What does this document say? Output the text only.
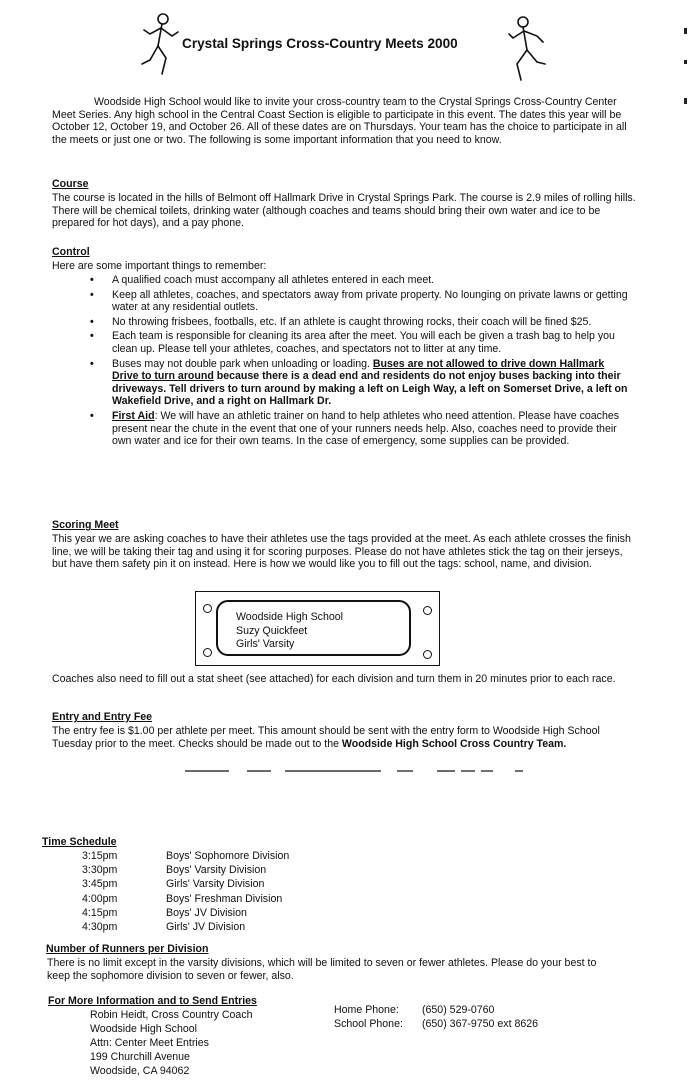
Crystal Springs Cross-Country Meets 2000

Woodside High School would like to invite your cross-country team to the Crystal Springs Cross-Country Center Meet Series. Any high school in the Central Coast Section is eligible to participate in this event. The dates this year will be October 12, October 19, and October 26. All of these dates are on Thursdays. Your team has the choice to participate in all the meets or just one or two. The following is some important information that you need to know.

Course

The course is located in the hills of Belmont off Hallmark Drive in Crystal Springs Park. The course is 2.9 miles of rolling hills. There will be chemical toilets, drinking water (although coaches and teams should bring their own water and ice to be prepared for hot days), and a pay phone.

Control
Here are some important things to remember:
• A qualified coach must accompany all athletes entered in each meet.
• Keep all athletes, coaches, and spectators away from private property. No lounging on private lawns or getting water at any residential outlets.
• No throwing frisbees, footballs, etc. If an athlete is caught throwing rocks, their coach will be fined $25.
• Each team is responsible for cleaning its area after the meet. You will each be given a trash bag to help you clean up. Please tell your athletes, coaches, and spectators not to litter at any time.
• Buses may not double park when unloading or loading. Buses are not allowed to drive down Hallmark Drive to turn around because there is a dead end and residents do not enjoy buses backing into their driveways. Tell drivers to turn around by making a left on Leigh Way, a left on Somerset Drive, a left on Wakefield Drive, and a right on Hallmark Dr.
• First Aid: We will have an athletic trainer on hand to help athletes who need attention. Please have coaches present near the chute in the event that one of your runners needs help. Also, coaches need to provide their own water and ice for their own teams. In the case of emergency, some supplies can be provided.
Scoring Meet

This year we are asking coaches to have their athletes use the tags provided at the meet. As each athlete crosses the finish line, we will be taking their tag and using it for scoring purposes. Please do not have athletes stick the tag on their jerseys, but have them safety pin it on instead. Here is how we would like you to fill out the tags: school, name, and division.

Woodside High School
Suzy Quickfeet
Girls' Varsity

Coaches also need to fill out a stat sheet (see attached) for each division and turn them in 20 minutes prior to each race.

Entry and Entry Fee

The entry fee is $1.00 per athlete per meet. This amount should be sent with the entry form to Woodside High School Tuesday prior to the meet. Checks should be made out to the Woodside High School Cross Country Team.

Time Schedule
3:15pm	Boys' Sophomore Division
3:30pm	Boys' Varsity Division
3:45pm	Girls' Varsity Division
4:00pm	Boys' Freshman Division
4:15pm	Boys' JV Division
4:30pm	Girls' JV Division
Number of Runners per Division

There is no limit except in the varsity divisions, which will be limited to seven or fewer athletes. Please do your best to keep the sophomore division to seven or fewer, also.

For More Information and to Send Entries
Robin Heidt, Cross Country Coach
Woodside High School
Attn: Center Meet Entries
199 Churchill Avenue
Woodside, CA 94062
Home Phone: (650) 529-0760
School Phone: (650) 367-9750 ext 8626
